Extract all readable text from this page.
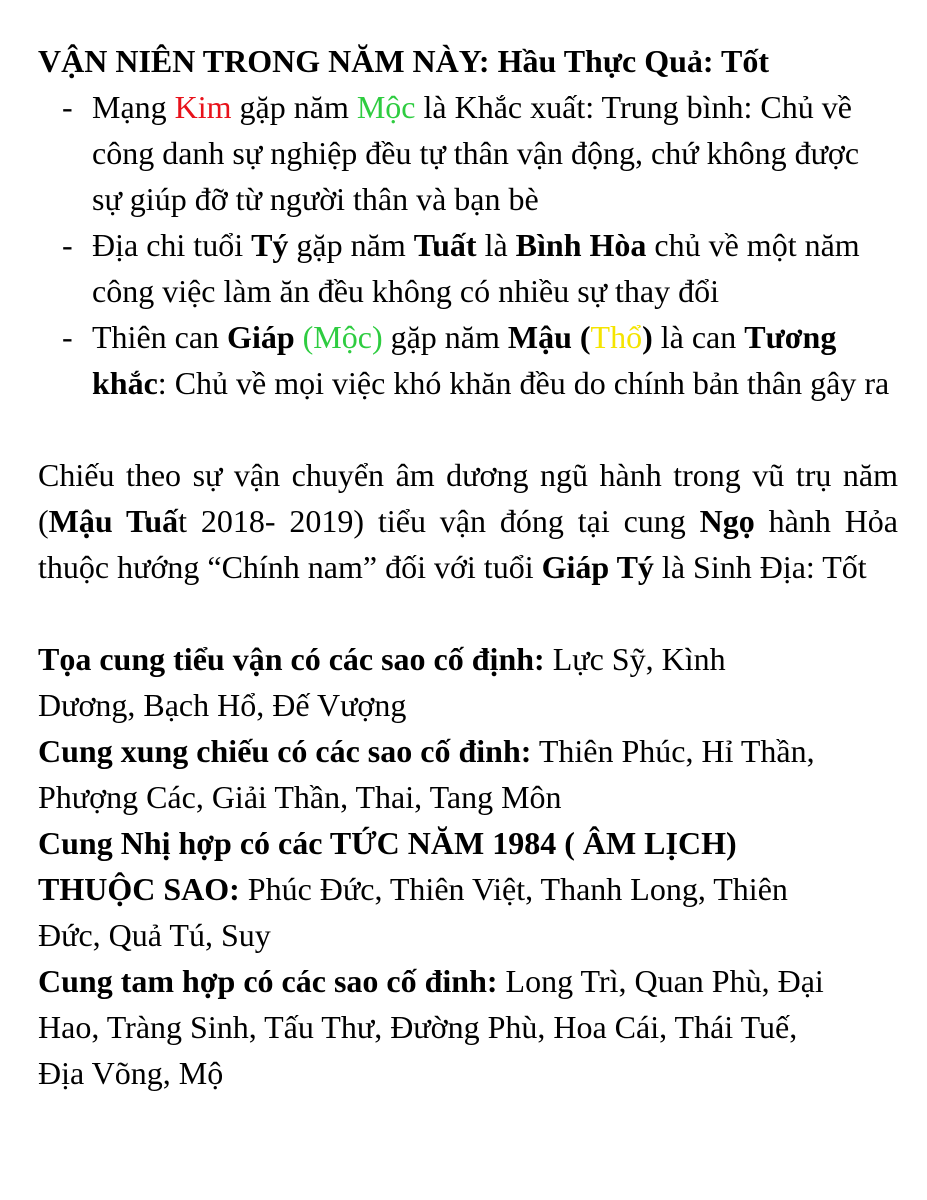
VẬN NIÊN TRONG NĂM NÀY: Hầu Thực Quả: Tốt
- Mạng Kim gặp năm Mộc là Khắc xuất: Trung bình: Chủ về công danh sự nghiệp đều tự thân vận động, chứ không được sự giúp đỡ từ người thân và bạn bè
- Địa chi tuổi Tý gặp năm Tuất là Bình Hòa chủ về một năm công việc làm ăn đều không có nhiều sự thay đổi
- Thiên can Giáp (Mộc) gặp năm Mậu (Thổ) là can Tương khắc: Chủ về mọi việc khó khăn đều do chính bản thân gây ra
Chiếu theo sự vận chuyển âm dương ngũ hành trong vũ trụ năm (Mậu Tuất 2018- 2019) tiểu vận đóng tại cung Ngọ hành Hỏa thuộc hướng “Chính nam” đối với tuổi Giáp Tý là Sinh Địa: Tốt
Tọa cung tiểu vận có các sao cố định: Lực Sỹ, Kình
Dương, Bạch Hổ, Đế Vượng
Cung xung chiếu có các sao cố đinh: Thiên Phúc, Hỉ Thần,
Phượng Các, Giải Thần, Thai, Tang Môn
Cung Nhị hợp có các TỨC NĂM 1984 ( ÂM LỊCH)
THUỘC SAO: Phúc Đức, Thiên Việt, Thanh Long, Thiên
Đức, Quả Tú, Suy
Cung tam hợp có các sao cố đinh: Long Trì, Quan Phù, Đại
Hao, Tràng Sinh, Tấu Thư, Đường Phù, Hoa Cái, Thái Tuế,
Địa Võng, Mộ
